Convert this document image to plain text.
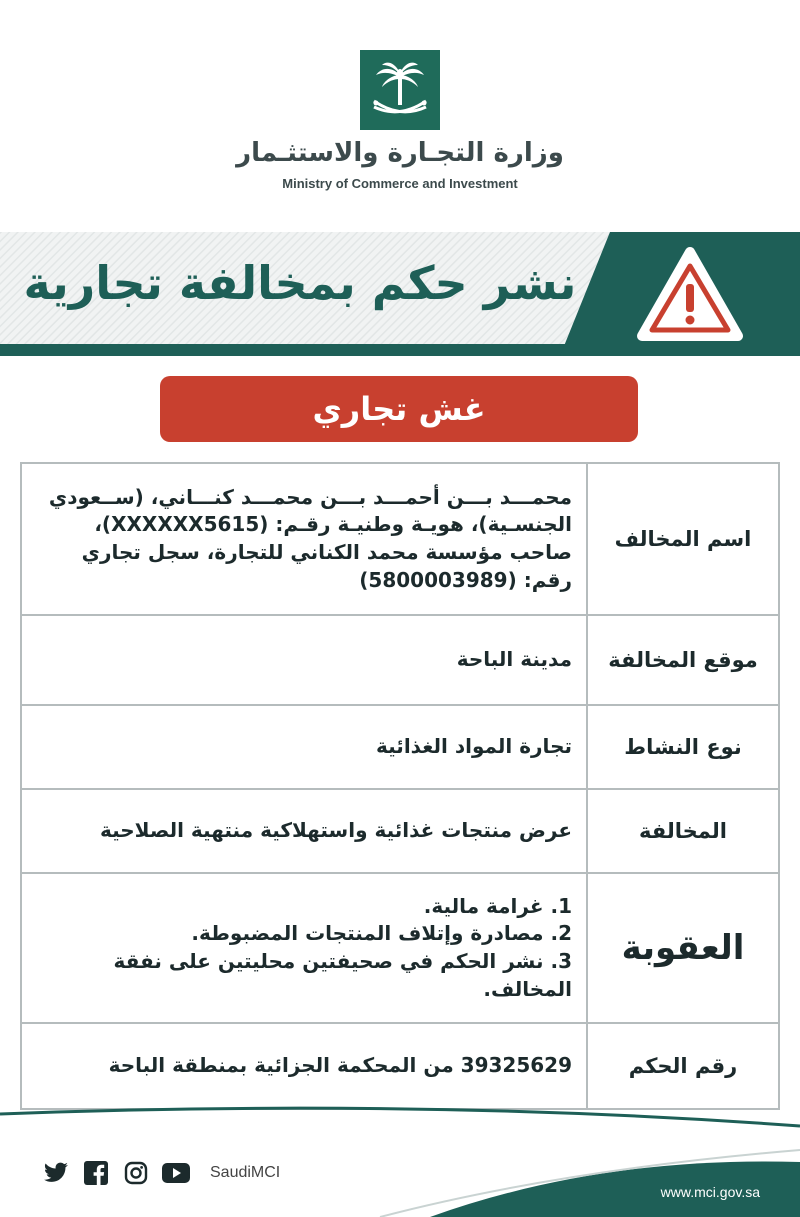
وزارة التجـارة والاستثـمار
Ministry of Commerce and Investment
نشر حكم بمخالفة تجارية
غش تجاري
اسم المخالف
محمـــد بـــن أحمـــد بـــن محمـــد كنـــاني، (ســعودي الجنسـية)، هويـة وطنيـة رقـم: (XXXXXX5615)، صاحب مؤسسة محمد الكناني للتجارة، سجل تجاري رقم: (5800003989)
موقع المخالفة
مدينة الباحة
نوع النشاط
تجارة المواد الغذائية
المخالفة
عرض منتجات غذائية واستهلاكية منتهية الصلاحية
العقوبة
1. غرامة مالية.
2. مصادرة وإتلاف المنتجات المضبوطة.
3. نشر الحكم في صحيفتين محليتين على نفقة المخالف.
رقم الحكم
39325629 من المحكمة الجزائية بمنطقة الباحة
SaudiMCI
www.mci.gov.sa
